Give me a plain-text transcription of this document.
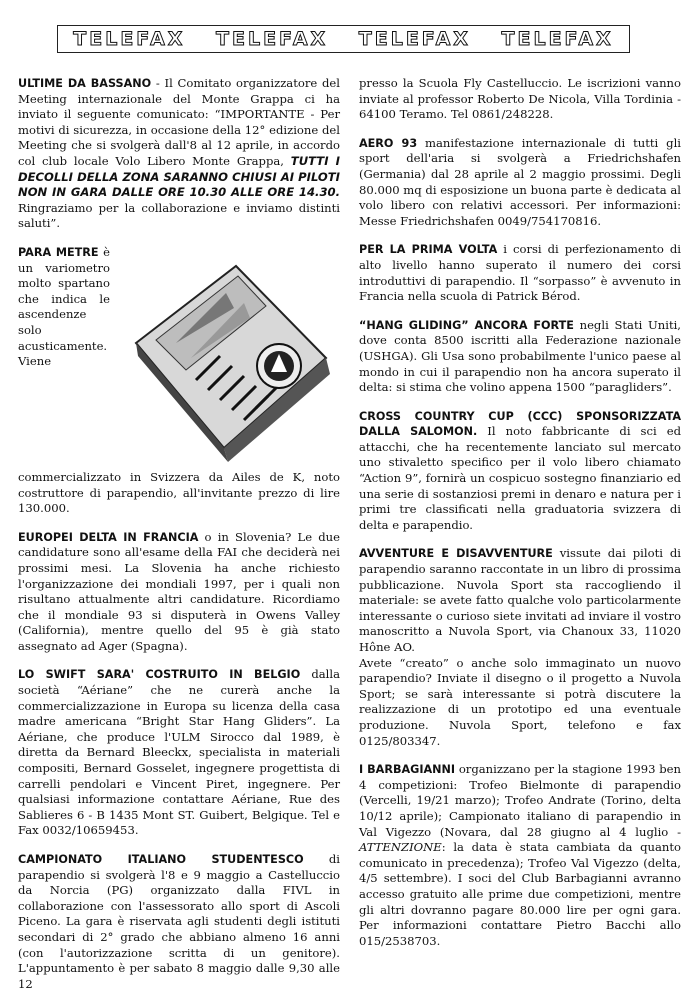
TELEFAX TELEFAX TELEFAX TELEFAX

ULTIME DA BASSANO - Il Comitato organizzatore del Meeting internazionale del Monte Grappa ci ha inviato il seguente comunicato: “IMPORTANTE - Per motivi di sicurezza, in occasione della 12° edizione del Meeting che si svolgerà dall'8 al 12 aprile, in accordo col club locale Volo Libero Monte Grappa, TUTTI I DECOLLI DELLA ZONA SARANNO CHIUSI AI PILOTI NON IN GARA DALLE ORE 10.30 ALLE ORE 14.30. Ringraziamo per la collaborazione e inviamo distinti saluti”.

PARA METRE è un variometro molto spartano che indica le ascendenze solo acusticamente. Viene commercializzato in Svizzera da Ailes de K, noto costruttore di parapendio, all'invitante prezzo di lire 130.000.

EUROPEI DELTA IN FRANCIA o in Slovenia? Le due candidature sono all'esame della FAI che deciderà nei prossimi mesi. La Slovenia ha anche richiesto l'organizzazione dei mondiali 1997, per i quali non risultano attualmente altri candidature. Ricordiamo che il mondiale 93 si disputerà in Owens Valley (California), mentre quello del 95 è già stato assegnato ad Ager (Spagna).

LO SWIFT SARA' COSTRUITO IN BELGIO dalla società “Aériane” che ne curerà anche la commercializzazione in Europa su licenza della casa madre americana “Bright Star Hang Gliders”. La Aériane, che produce l'ULM Sirocco dal 1989, è diretta da Bernard Bleeckx, specialista in materiali compositi, Bernard Gosselet, ingegnere progettista di carrelli pendolari e Vincent Piret, ingegnere. Per qualsiasi informazione contattare Aériane, Rue des Sablieres 6 - B 1435 Mont ST. Guibert, Belgique. Tel e Fax 0032/10659453.

CAMPIONATO ITALIANO STUDENTESCO di parapendio si svolgerà l'8 e 9 maggio a Castelluccio da Norcia (PG) organizzato dalla FIVL in collaborazione con l'assessorato allo sport di Ascoli Piceno. La gara è riservata agli studenti degli istituti secondari di 2° grado che abbiano almeno 16 anni (con l'autorizzazione scritta di un genitore). L'appuntamento è per sabato 8 maggio dalle 9,30 alle 12

presso la Scuola Fly Castelluccio. Le iscrizioni vanno inviate al professor Roberto De Nicola, Villa Tordinia - 64100 Teramo. Tel 0861/248228.

AERO 93 manifestazione internazionale di tutti gli sport dell'aria si svolgerà a Friedrichshafen (Germania) dal 28 aprile al 2 maggio prossimi. Degli 80.000 mq di esposizione un buona parte è dedicata al volo libero con relativi accessori. Per informazioni: Messe Friedrichshafen 0049/754170816.

PER LA PRIMA VOLTA i corsi di perfezionamento di alto livello hanno superato il numero dei corsi introduttivi di parapendio. Il “sorpasso” è avvenuto in Francia nella scuola di Patrick Bérod.

“HANG GLIDING” ANCORA FORTE negli Stati Uniti, dove conta 8500 iscritti alla Federazione nazionale (USHGA). Gli Usa sono probabilmente l'unico paese al mondo in cui il parapendio non ha ancora superato il delta: si stima che volino appena 1500 “paragliders”.

CROSS COUNTRY CUP (CCC) SPONSORIZZATA DALLA SALOMON. Il noto fabbricante di sci ed attacchi, che ha recentemente lanciato sul mercato uno stivaletto specifico per il volo libero chiamato “Action 9”, fornirà un cospicuo sostegno finanziario ed una serie di sostanziosi premi in denaro e natura per i primi tre classificati nella graduatoria svizzera di delta e parapendio.

AVVENTURE E DISAVVENTURE vissute dai piloti di parapendio saranno raccontate in un libro di prossima pubblicazione. Nuvola Sport sta raccogliendo il materiale: se avete fatto qualche volo particolarmente interessante o curioso siete invitati ad inviare il vostro manoscritto a Nuvola Sport, via Chanoux 33, 11020 Hône AO.

Avete “creato” o anche solo immaginato un nuovo parapendio? Inviate il disegno o il progetto a Nuvola Sport; se sarà interessante si potrà discutere la realizzazione di un prototipo ed una eventuale produzione. Nuvola Sport, telefono e fax 0125/803347.

I BARBAGIANNI organizzano per la stagione 1993 ben 4 competizioni: Trofeo Bielmonte di parapendio (Vercelli, 19/21 marzo); Trofeo Andrate (Torino, delta 10/12 aprile); Campionato italiano di parapendio in Val Vigezzo (Novara, dal 28 giugno al 4 luglio - ATTENZIONE: la data è stata cambiata da quanto comunicato in precedenza); Trofeo Val Vigezzo (delta, 4/5 settembre). I soci del Club Barbagianni avranno accesso gratuito alle prime due competizioni, mentre gli altri dovranno pagare 80.000 lire per ogni gara. Per informazioni contattare Pietro Bacchi allo 015/2538703.
